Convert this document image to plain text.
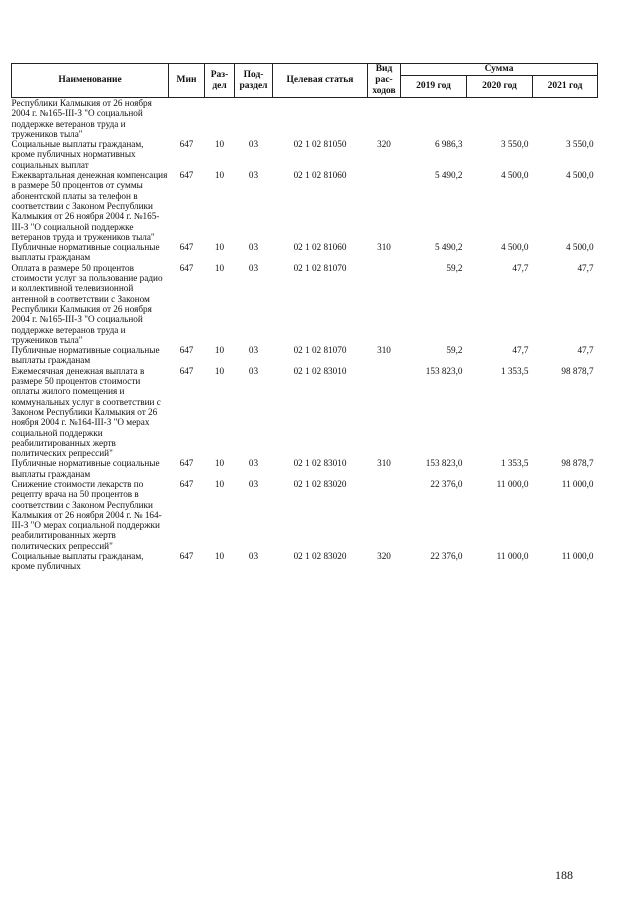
Наименование	Мин	Раз-дел	Под-раздел	Целевая статья	Вид рас-ходов	Сумма		
						2019 год	2020 год	2021 год
Республики Калмыкия от 26 ноября 2004 г. №165-III-З "О социальной поддержке ветеранов труда и тружеников тыла"								
Социальные выплаты гражданам, кроме публичных нормативных социальных выплат	647	10	03	02 1 02 81050	320	6 986,3	3 550,0	3 550,0
Ежеквартальная денежная компенсация в размере 50 процентов от суммы абонентской платы за телефон в соответствии с Законом Республики Калмыкия от 26 ноября 2004 г. №165-III-З "О социальной поддержке ветеранов труда и тружеников тыла"	647	10	03	02 1 02 81060		5 490,2	4 500,0	4 500,0
Публичные нормативные социальные выплаты гражданам	647	10	03	02 1 02 81060	310	5 490,2	4 500,0	4 500,0
Оплата в размере 50 процентов стоимости услуг за пользование радио и коллективной телевизионной антенной в соответствии с Законом Республики Калмыкия от 26 ноября 2004 г. №165-III-З "О социальной поддержке ветеранов труда и тружеников тыла"	647	10	03	02 1 02 81070		59,2	47,7	47,7
Публичные нормативные социальные выплаты гражданам	647	10	03	02 1 02 81070	310	59,2	47,7	47,7
Ежемесячная денежная выплата в размере 50 процентов стоимости оплаты жилого помещения и коммунальных услуг в соответствии с Законом Республики Калмыкия от 26 ноября 2004 г. №164-III-З "О мерах социальной поддержки реабилитированных жертв политических репрессий"	647	10	03	02 1 02 83010		153 823,0	1 353,5	98 878,7
Публичные нормативные социальные выплаты гражданам	647	10	03	02 1 02 83010	310	153 823,0	1 353,5	98 878,7
Снижение стоимости лекарств по рецепту врача на 50 процентов в соответствии с Законом Республики Калмыкия от 26 ноября 2004 г. № 164-III-З "О мерах социальной поддержки реабилитированных жертв политических репрессий"	647	10	03	02 1 02 83020		22 376,0	11 000,0	11 000,0
Социальные выплаты гражданам, кроме публичных	647	10	03	02 1 02 83020	320	22 376,0	11 000,0	11 000,0
188
